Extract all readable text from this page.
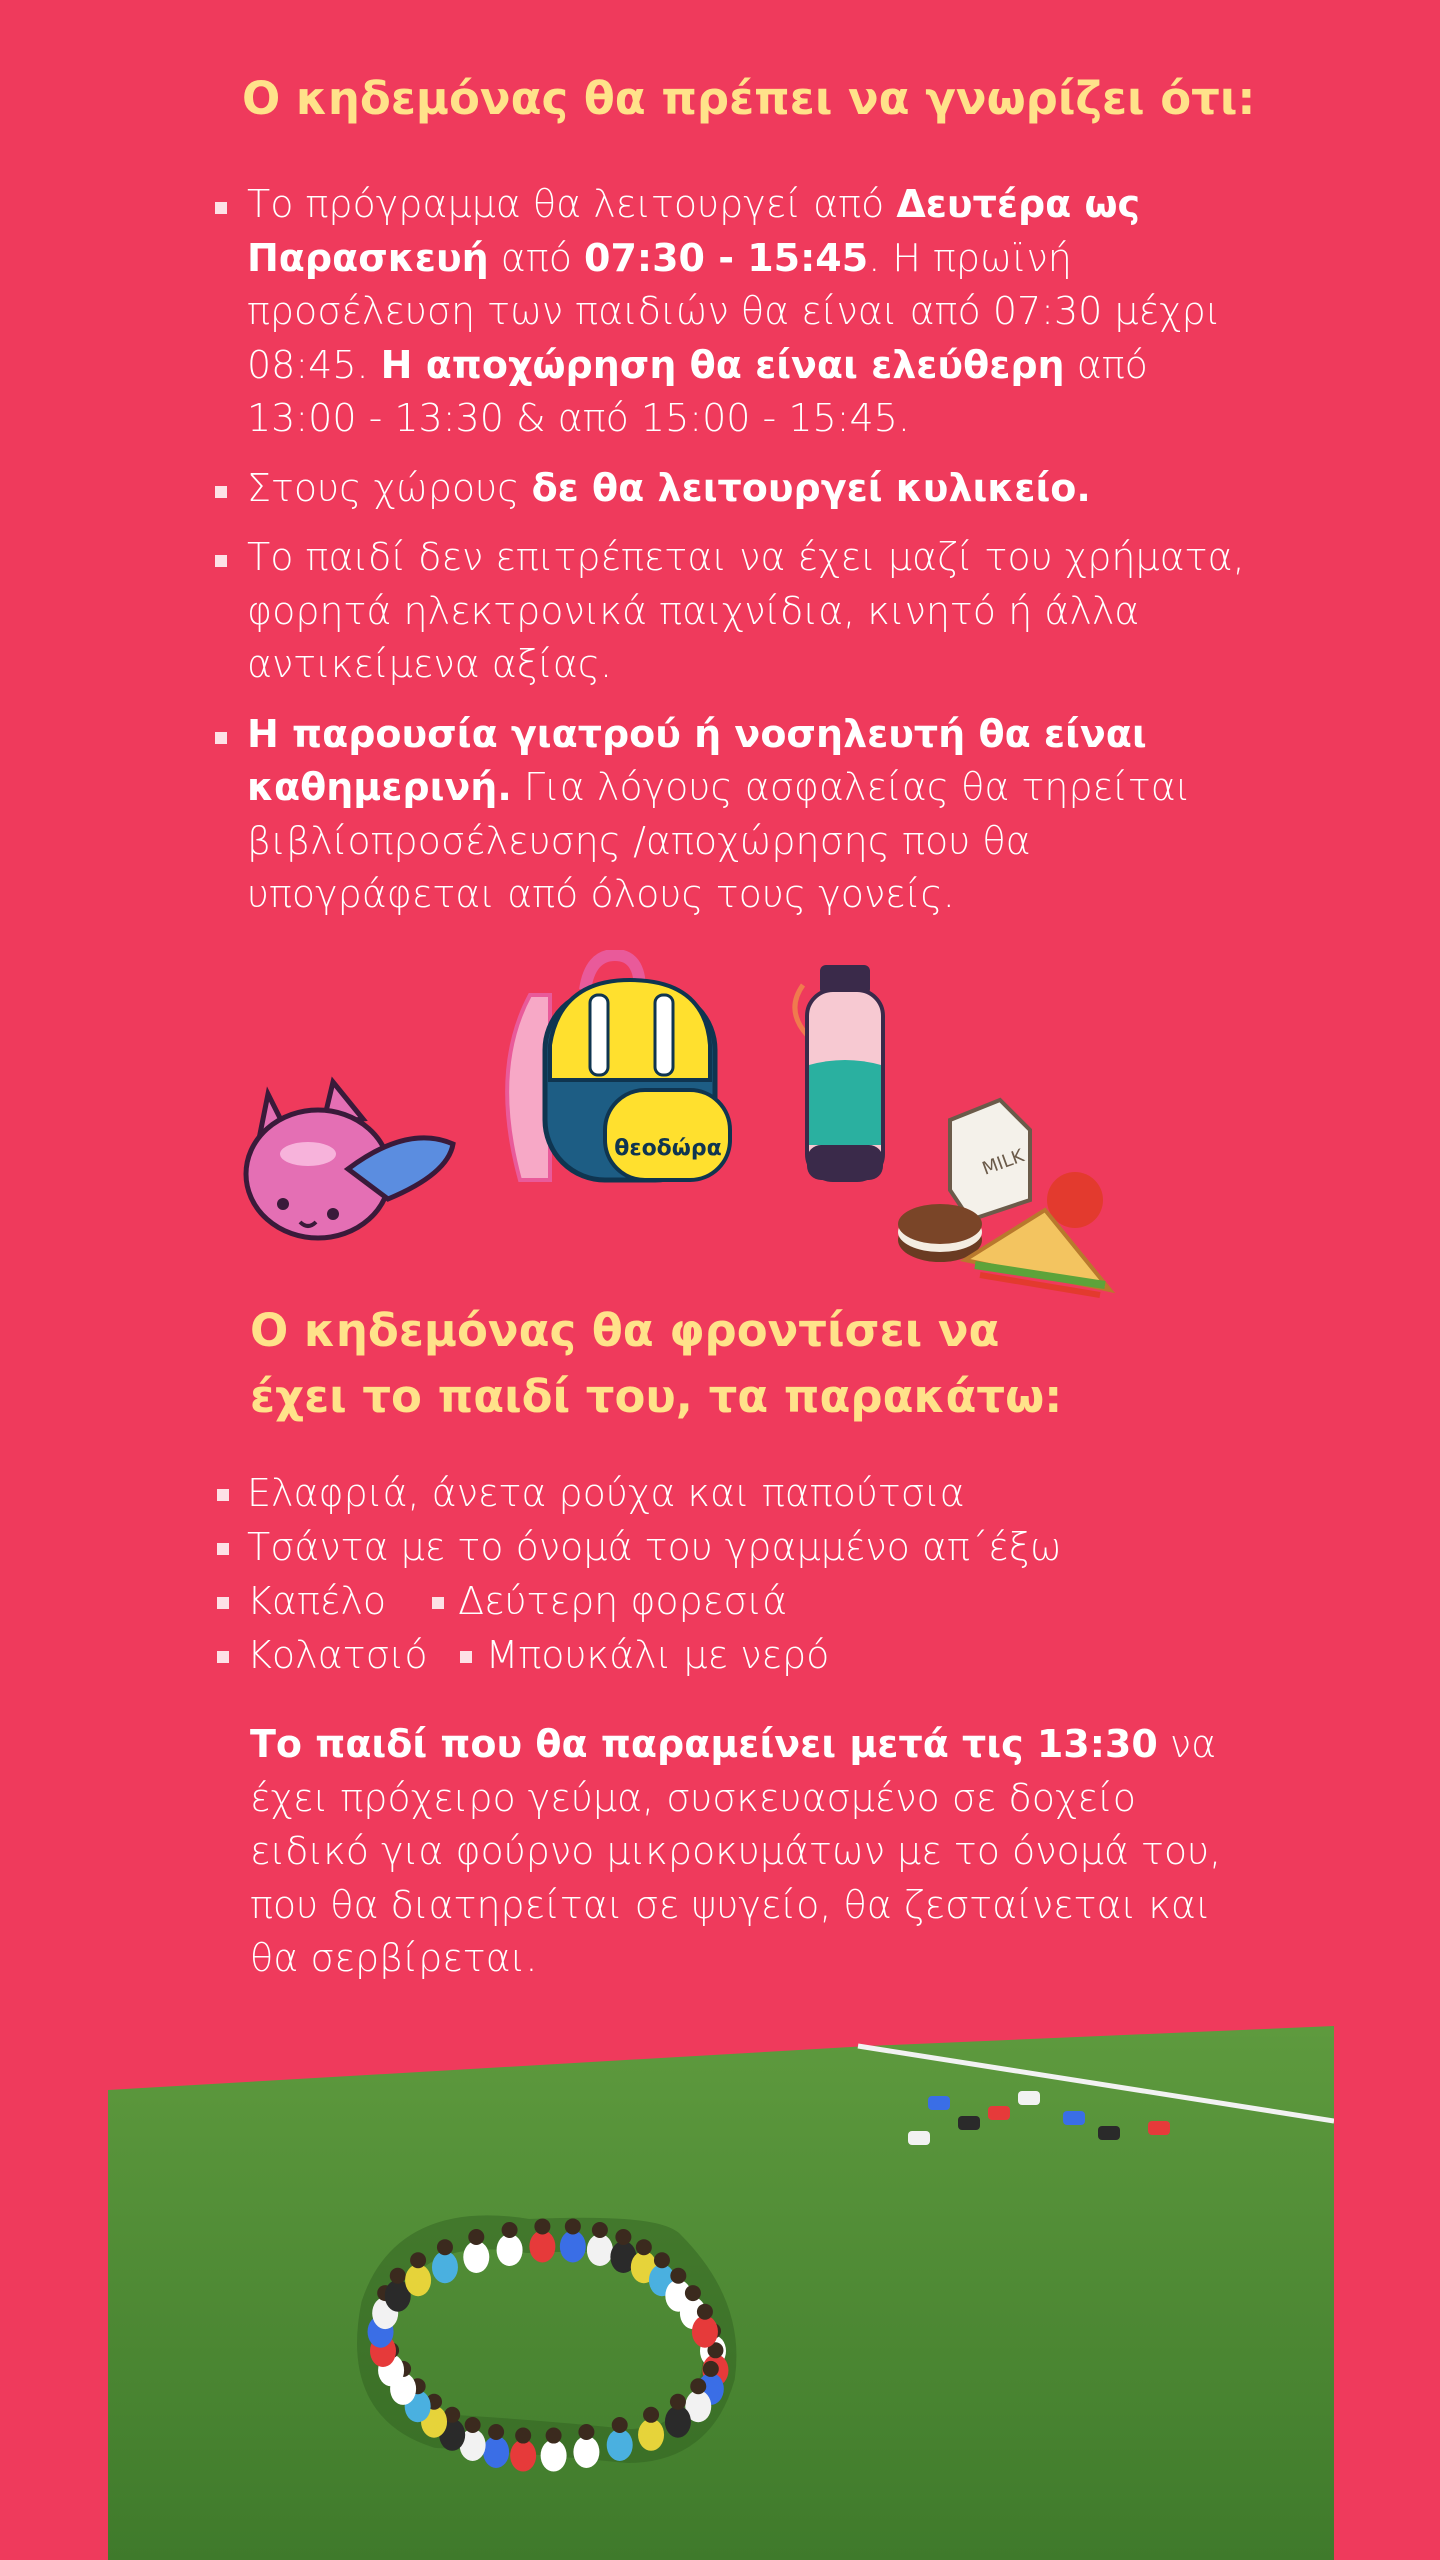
Ο κηδεμόνας θα πρέπει να γνωρίζει ότι:
Το πρόγραμμα θα λειτουργεί από Δευτέρα ως Παρασκευή από 07:30 - 15:45. Η πρωϊνή προσέλευση των παιδιών θα είναι από 07:30 μέχρι 08:45. Η αποχώρηση θα είναι ελεύθερη από 13:00 - 13:30 & από 15:00 - 15:45.
Στους χώρους δε θα λειτουργεί κυλικείο.
Το παιδί δεν επιτρέπεται να έχει μαζί του χρήματα, φορητά ηλεκτρονικά παιχνίδια, κινητό ή άλλα αντικείμενα αξίας.
Η παρουσία γιατρού ή νοσηλευτή θα είναι καθημερινή. Για λόγους ασφαλείας θα τηρείται βιβλίοπροσέλευσης /αποχώρησης που θα υπογράφεται από όλους τους γονείς.
θεοδώρα	MILK
Ο κηδεμόνας θα φροντίσει να
έχει το παιδί του, τα παρακάτω:
Ελαφριά, άνετα ρούχα και παπούτσια
Τσάντα με το όνομά του γραμμένο απ΄έξω
Καπέλο Δεύτερη φορεσιά
Κολατσιό Μπουκάλι με νερό

Το παιδί που θα παραμείνει μετά τις 13:30 να έχει πρόχειρο γεύμα, συσκευασμένο σε δοχείο ειδικό για φούρνο μικροκυμάτων με το όνομά του, που θα διατηρείται σε ψυγείο, θα ζεσταίνεται και θα σερβίρεται.
